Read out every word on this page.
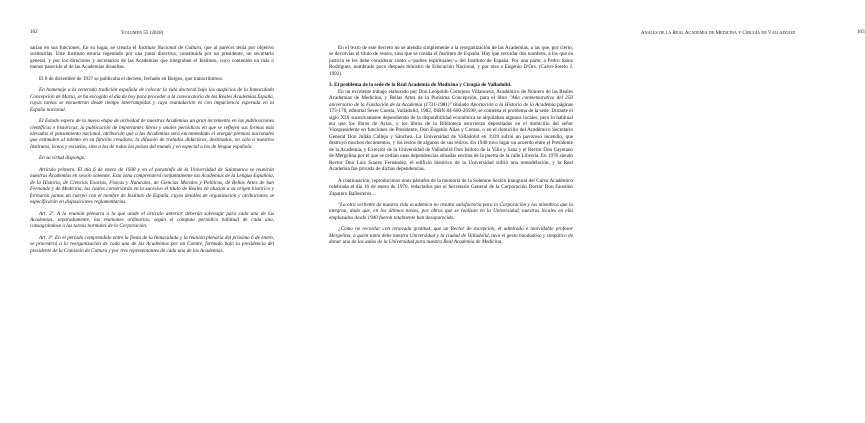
102	Volumen 55 (2018)

sarían en sus funciones. En su lugar, se crearía el Instituto Nacional de Cultura, que al parecer tenía por objetivo sustituirlas. Este Instituto estaría regentado por una junta directiva, constituida por un presidente, un secretario general, y por los directores y secretarios de las Academias que integraban el Instituto, cuyo contenido en más o menos parecido al de las Academias disueltas.

El 8 de diciembre de 1937 se publicaba el decreto, fechado en Burgos, que transcribimos:

En homenaje a la venerada tradición española de colocar la vida doctoral bajo los auspicios de la Inmaculada Concepción de María, se ha escogido el día de hoy para proceder a la convocatoria de las Reales Academias España, cuyas tareas se encuentran desde tiempo interrumpidas y cuya reanudación es con impaciencia esperada en la España nacional.

El Estado espera de la nueva etapa de actividad de nuestras Academias un gran incremento en las publicaciones científicas e históricas, la publicación de importantes libros y anales periódicos en que se reflejen sus formas más elevadas el pensamiento nacional, atribución que a las Academias será encomendado el otorgar premios nacionales que estimulen al talento en su función creadora, la difusión de tratados didácticos, destinados, no sólo a nuestros Institutos, liceos y escuelas, sino a los de todos los países del mundo y en especial a los de lengua española.

En su virtud dispongo:

Artículo primero. El día 6 de enero de 1938 y en el paraninfo de la Universidad de Salamanca se reunirán nuestras Academias en sesión solemne. Esta zona comprenderá conjuntamente las Academias de la Lengua Española, de la Historia, de Ciencias Exactas, Físicas y Naturales, de Ciencias Morales y Políticas, de Bellas Artes de San Fernando y de Medicina, las cuales conservarán en lo sucesivo el título de Reales en alusión a su origen histórico y formarán juntas un cuerpo con el nombre de Instituto de España, cuyos detalles de organización y atribuciones se especificarán en disposiciones reglamentarias.

Art. 2º. A la reunión plenaria a la que alude el artículo anterior deberán sobreagir para cada una de las Academias, separadamente, las reuniones ordinarias, según el cómputo periódico habitual de cada una, consagrándose a las tareas normales de la Corporación.

Art. 3º. En el período comprendido entre la fiesta de la Inmaculada y la reunión plenaria del próximo 6 de enero, se procederá a la reorganización de cada una de las Academias por un Comité, formado bajo la presidencia del presidente de la Comisión de Cultura y por tres representantes de cada una de las Academias.

Anales de la Real Academia de Medicina y Cirugía de Valladolid	103

En el texto de este decreto no se atendía simplemente a la reorganización de las Academias, a las que, por cierto, se devolvías el título de reales, sino que se creaba el Instituto de España. Hay que recordar dos nombres, a los que en justicia se les debe considerar como «<padres espirituales>» del Instituto de España. Por una parte, a Pedro Sainz Rodríguez, nombrado poco después ministro de Educación Nacional, y por otra a Eugenio D'Ors. (Calvo-Sotelo J. 1992).

3. El problema de la sede de la Real Academia de Medicina y Cirugía de Valladolid.

En un excelente trabajo elaborado por Don Leopoldo Cortejoso Villanueva, Académico de Número de las Reales Academias de Medicina, y Bellas Artes de la Purísima Concepción, para el libro "Año conmemorativo del 250 aniversario de la Fundación de la Academia (1731-1981)" titulado Aportación a la Historia de la Academia páginas 173-178, editorial Sever Cuesta, Valladolid, 1982, ISBN 84-600-26590, se comenta el problema de la sede. Durante el siglo XIX sucesivamente dependiendo de la disponibilidad económica se alquilaban algunos locales, pero lo habitual era que los libros de Actas, y los libros de la Biblioteca estuvieran depositados en el domicilio del señor Vicepresidente en funciones de Presidente, Don Eugenio Alias y Comas, o en el domicilio del Académico Secretario General Don Julián Calleja y Sánchez. La Universidad de Valladolid en 1939 sufrió un pavoroso incendio, que destruyó muchos documentos, y los restos de algunos de sus retiros. En 1940 tuvo lugar un acuerdo entre el Presidente de la Academia, y Exrector de la Universidad de Valladolid Don Isidoro de la Villa y Sanz y el Rector Don Cayetano de Mergelina por el que se cedían unas dependencias situadas encima de la puerta de la calle Librería. En 1970 siendo Rector Don Luis Suarez Fernández, el edificio histórico de la Universidad sufrió una remodelación, y la Real Academia fue privada de dichas dependencias.

A continuación, reproducimos unos párrafos de la memoria de la Solemne Sesión Inaugural del Curso Académico celebrada el día 16 de enero de 1970, redactados por el Secretario General de la Corporación Doctor Don Faustino Zapatero Ballesteros…

"La otra vertiente de nuestra vida académica no resulta satisfactoria para la Corporación y los miembros que la integran, dado que, en los últimos meses, por obras que se realizan en la Universidad, nuestros locales en ella emplazados desde 1940 fueron totalmente han desaparecido.

¿Cómo no recordar con renovada gratitud, que un Rector de excepción, el admirado e inolvidable profesor Mergelina, a quien tanto debe nuestra Universidad y la ciudad de Valladolid, tuvo el gesto bondadoso y simpático de donar una de las aulas de la Universidad para nuestra Real Academia de Medicina,
